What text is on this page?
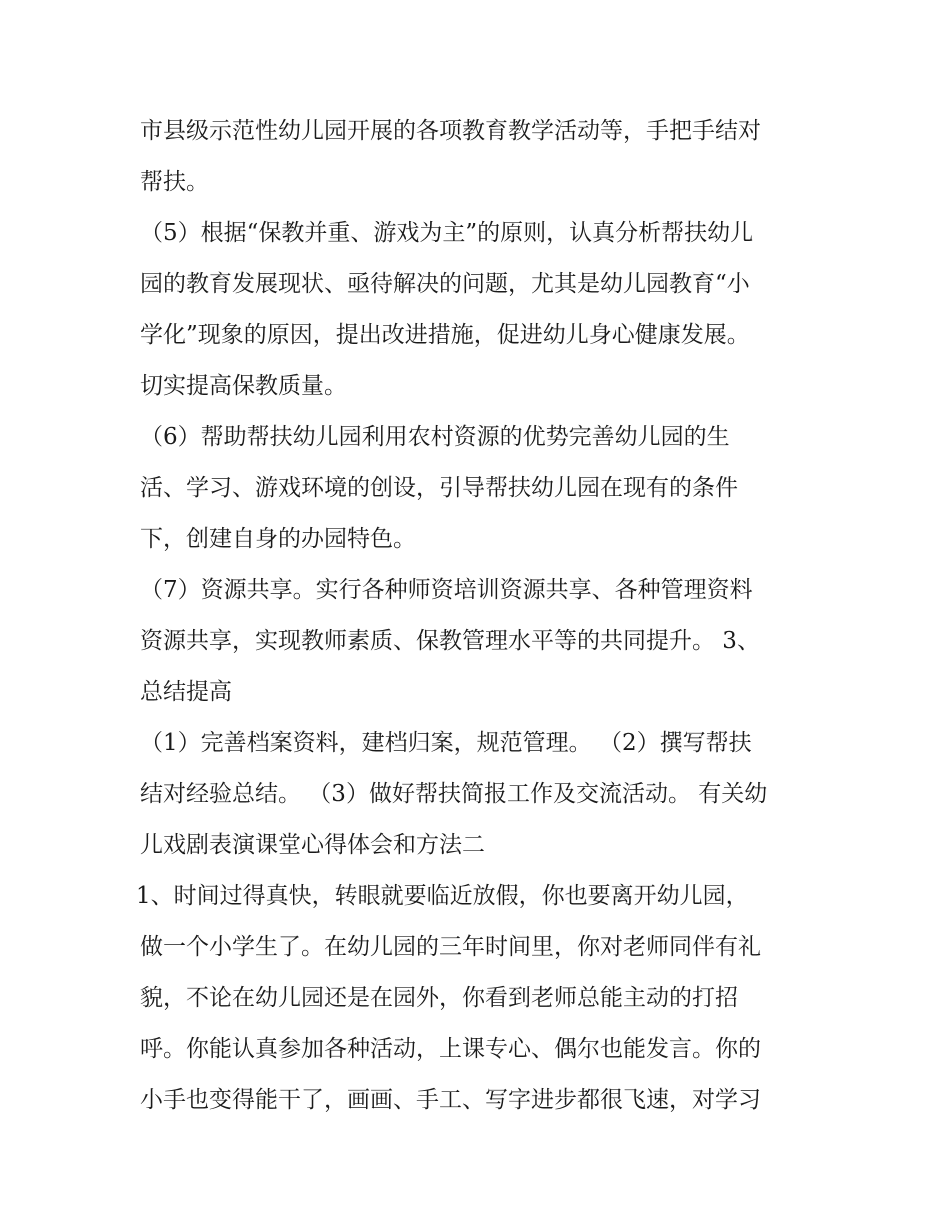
市县级示范性幼儿园开展的各项教育教学活动等，手把手结对
帮扶。
（5）根据“保教并重、游戏为主”的原则，认真分析帮扶幼儿
园的教育发展现状、亟待解决的问题，尤其是幼儿园教育“小
学化”现象的原因，提出改进措施，促进幼儿身心健康发展。
切实提高保教质量。
（6）帮助帮扶幼儿园利用农村资源的优势完善幼儿园的生
活、学习、游戏环境的创设，引导帮扶幼儿园在现有的条件
下，创建自身的办园特色。
（7）资源共享。实行各种师资培训资源共享、各种管理资料
资源共享，实现教师素质、保教管理水平等的共同提升。 3、
总结提高
（1）完善档案资料，建档归案，规范管理。 （2）撰写帮扶
结对经验总结。 （3）做好帮扶简报工作及交流活动。 有关幼
儿戏剧表演课堂心得体会和方法二
1、时间过得真快，转眼就要临近放假，你也要离开幼儿园，
做一个小学生了。在幼儿园的三年时间里，你对老师同伴有礼
貌，不论在幼儿园还是在园外，你看到老师总能主动的打招
呼。你能认真参加各种活动，上课专心、偶尔也能发言。你的
小手也变得能干了，画画、手工、写字进步都很飞速，对学习
